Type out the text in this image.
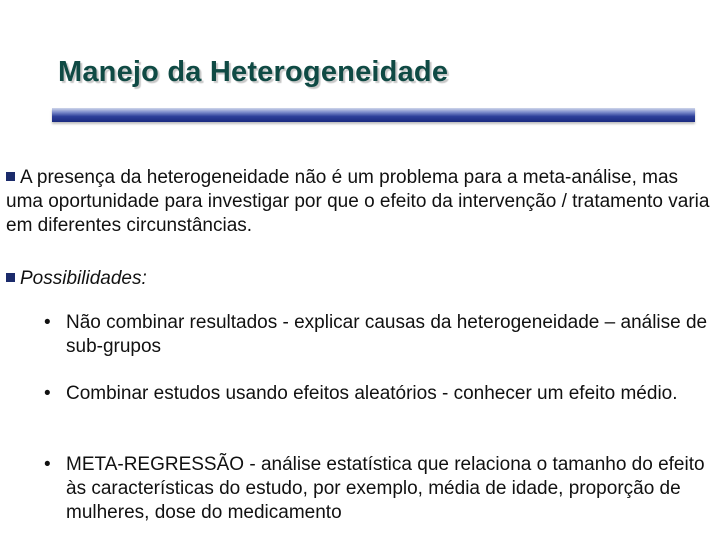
Manejo da Heterogeneidade
A presença da heterogeneidade não é um problema para a meta-análise, mas uma oportunidade para investigar por que o efeito da intervenção / tratamento varia em diferentes circunstâncias.
Possibilidades:
• Não combinar resultados - explicar causas da heterogeneidade – análise de sub-grupos
• Combinar estudos usando efeitos aleatórios - conhecer um efeito médio.
• META-REGRESSÃO - análise estatística que relaciona o tamanho do efeito às características do estudo, por exemplo, média de idade, proporção de mulheres, dose do medicamento
